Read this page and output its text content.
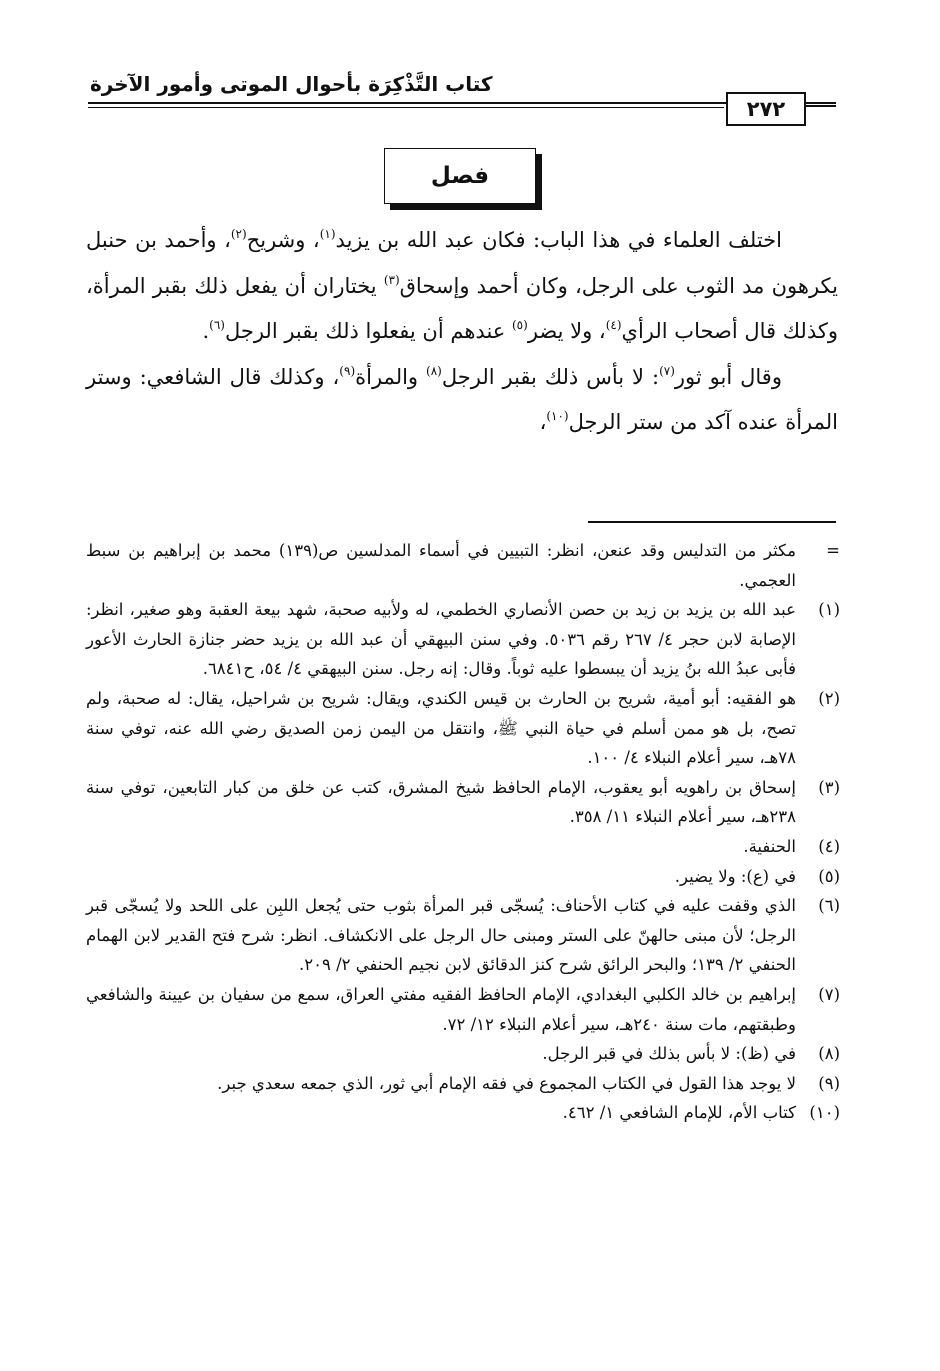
كتاب التَّذْكِرَة بأحوال الموتى وأمور الآخرة
٢٧٢
فصل

اختلف العلماء في هذا الباب: فكان عبد الله بن يزيد$^{(١)}$، وشريح$^{(٢)}$، وأحمد بن حنبل يكرهون مد الثوب على الرجل، وكان أحمد وإسحاق$^{(٣)}$ يختاران أن يفعل ذلك بقبر المرأة، وكذلك قال أصحاب الرأي$^{(٤)}$، ولا يضر$^{(٥)}$ عندهم أن يفعلوا ذلك بقبر الرجل$^{(٦)}$.

وقال أبو ثور$^{(٧)}$: لا بأس ذلك بقبر الرجل$^{(٨)}$ والمرأة$^{(٩)}$، وكذلك قال الشافعي: وستر المرأة عنده آكد من ستر الرجل$^{(١٠)}$،

=
مكثر من التدليس وقد عنعن، انظر: التبيين في أسماء المدلسين ص(١٣٩) محمد بن إبراهيم بن سبط العجمي.
(١)
عبد الله بن يزيد بن زيد بن حصن الأنصاري الخطمي، له ولأبيه صحبة، شهد بيعة العقبة وهو صغير، انظر: الإصابة لابن حجر ٤/ ٢٦٧ رقم ٥٠٣٦. وفي سنن البيهقي أن عبد الله بن يزيد حضر جنازة الحارث الأعور فأبى عبدُ الله بنُ يزيد أن يبسطوا عليه ثوباً. وقال: إنه رجل. سنن البيهقي ٤/ ٥٤، ح٦٨٤١.
(٢)
هو الفقيه: أبو أمية، شريح بن الحارث بن قيس الكندي، ويقال: شريح بن شراحيل، يقال: له صحبة، ولم تصح، بل هو ممن أسلم في حياة النبي ﷺ، وانتقل من اليمن زمن الصديق رضي الله عنه، توفي سنة ٧٨هـ، سير أعلام النبلاء ٤/ ١٠٠.
(٣)
إسحاق بن راهويه أبو يعقوب، الإمام الحافظ شيخ المشرق، كتب عن خلق من كبار التابعين، توفي سنة ٢٣٨هـ، سير أعلام النبلاء ١١/ ٣٥٨.
(٤)
الحنفية.
(٥)
في (ع): ولا يضير.
(٦)
الذي وقفت عليه في كتاب الأحناف: يُسجّى قبر المرأة بثوب حتى يُجعل اللبِن على اللحد ولا يُسجّى قبر الرجل؛ لأن مبنى حالهنّ على الستر ومبنى حال الرجل على الانكشاف. انظر: شرح فتح القدير لابن الهمام الحنفي ٢/ ١٣٩؛ والبحر الرائق شرح كنز الدقائق لابن نجيم الحنفي ٢/ ٢٠٩.
(٧)
إبراهيم بن خالد الكلبي البغدادي، الإمام الحافظ الفقيه مفتي العراق، سمع من سفيان بن عيينة والشافعي وطبقتهم، مات سنة ٢٤٠هـ، سير أعلام النبلاء ١٢/ ٧٢.
(٨)
في (ظ): لا بأس بذلك في قبر الرجل.
(٩)
لا يوجد هذا القول في الكتاب المجموع في فقه الإمام أبي ثور، الذي جمعه سعدي جبر.
(١٠)
كتاب الأم، للإمام الشافعي ١/ ٤٦٢.
